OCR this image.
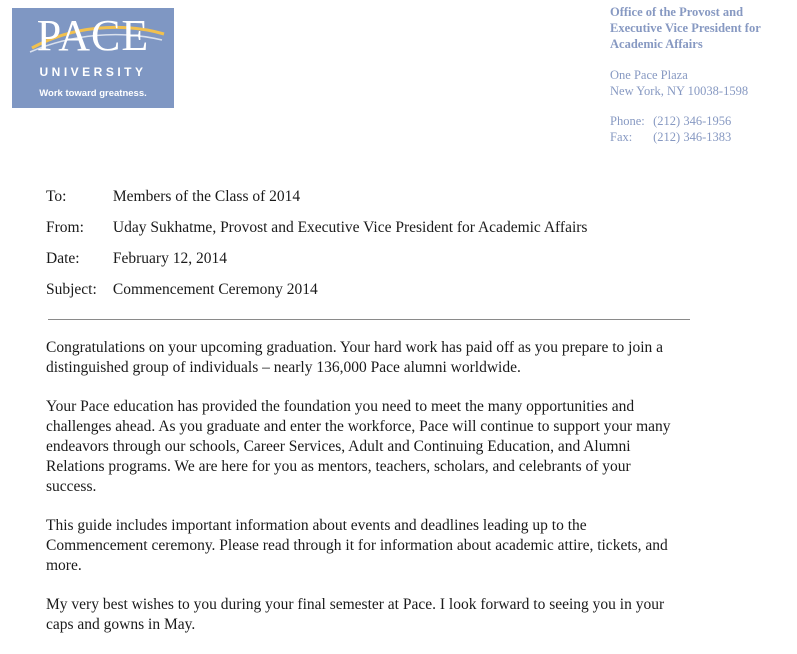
PACE
UNIVERSITY
Work toward greatness.
Office of the Provost and
Executive Vice President for
Academic Affairs
One Pace Plaza
New York, NY 10038-1598
Phone: (212) 346-1956
Fax: (212) 346-1383
To:	Members of the Class of 2014
From: Uday Sukhatme, Provost and Executive Vice President for Academic Affairs
Date: February 12, 2014
Subject: Commencement Ceremony 2014

Congratulations on your upcoming graduation. Your hard work has paid off as you prepare to join a
distinguished group of individuals – nearly 136,000 Pace alumni worldwide.

Your Pace education has provided the foundation you need to meet the many opportunities and
challenges ahead. As you graduate and enter the workforce, Pace will continue to support your many
endeavors through our schools, Career Services, Adult and Continuing Education, and Alumni
Relations programs. We are here for you as mentors, teachers, scholars, and celebrants of your
success.

This guide includes important information about events and deadlines leading up to the
Commencement ceremony. Please read through it for information about academic attire, tickets, and
more.

My very best wishes to you during your final semester at Pace. I look forward to seeing you in your
caps and gowns in May.
